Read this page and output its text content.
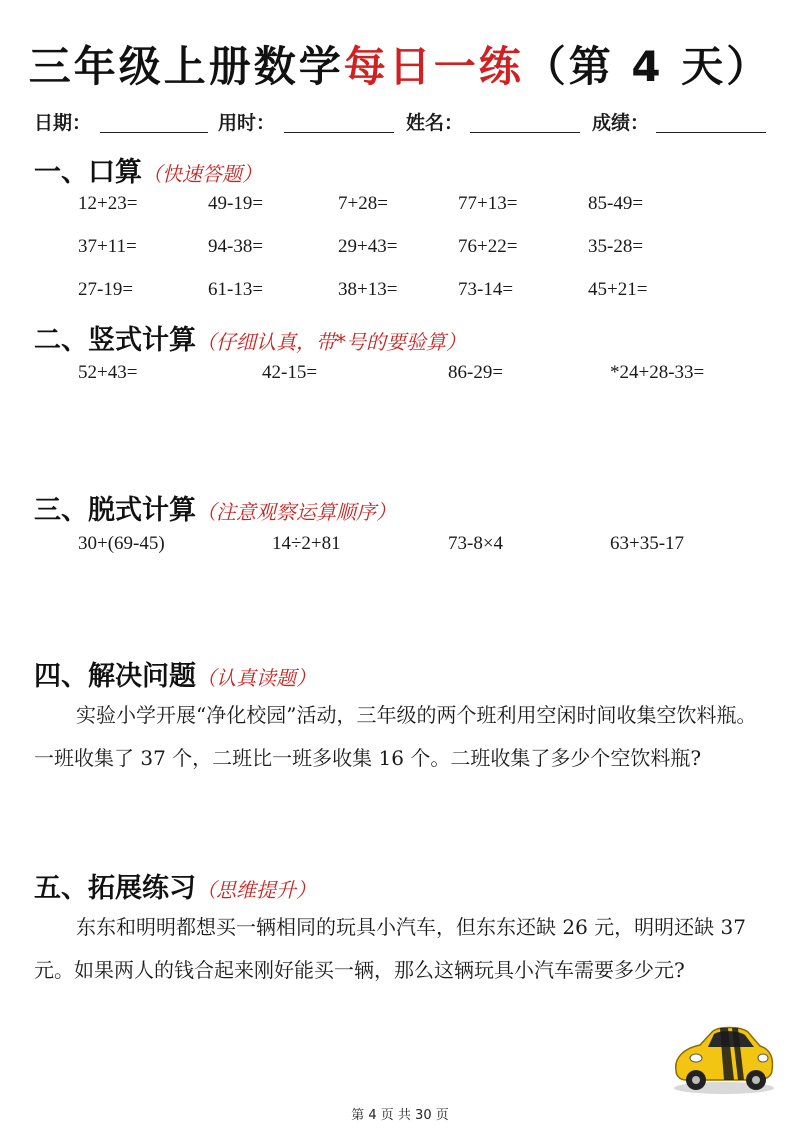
三年级上册数学每日一练（第 4 天）
日期：	用时：	姓名：	成绩：
一、口算（快速答题）
12+23=	49-19=	7+28=	77+13=	85-49=
37+11=	94-38=	29+43=	76+22=	35-28=
27-19=	61-13=	38+13=	73-14=	45+21=
二、竖式计算（仔细认真，带*号的要验算）
52+43=	42-15=	86-29=	*24+28-33=
三、脱式计算（注意观察运算顺序）
30+(69-45)	14÷2+81	73-8×4	63+35-17
四、解决问题（认真读题）
实验小学开展“净化校园”活动，三年级的两个班利用空闲时间收集空饮料瓶。一班收集了 37 个，二班比一班多收集 16 个。二班收集了多少个空饮料瓶?
五、拓展练习（思维提升）
东东和明明都想买一辆相同的玩具小汽车，但东东还缺 26 元，明明还缺 37 元。如果两人的钱合起来刚好能买一辆，那么这辆玩具小汽车需要多少元?
第 4 页 共 30 页
